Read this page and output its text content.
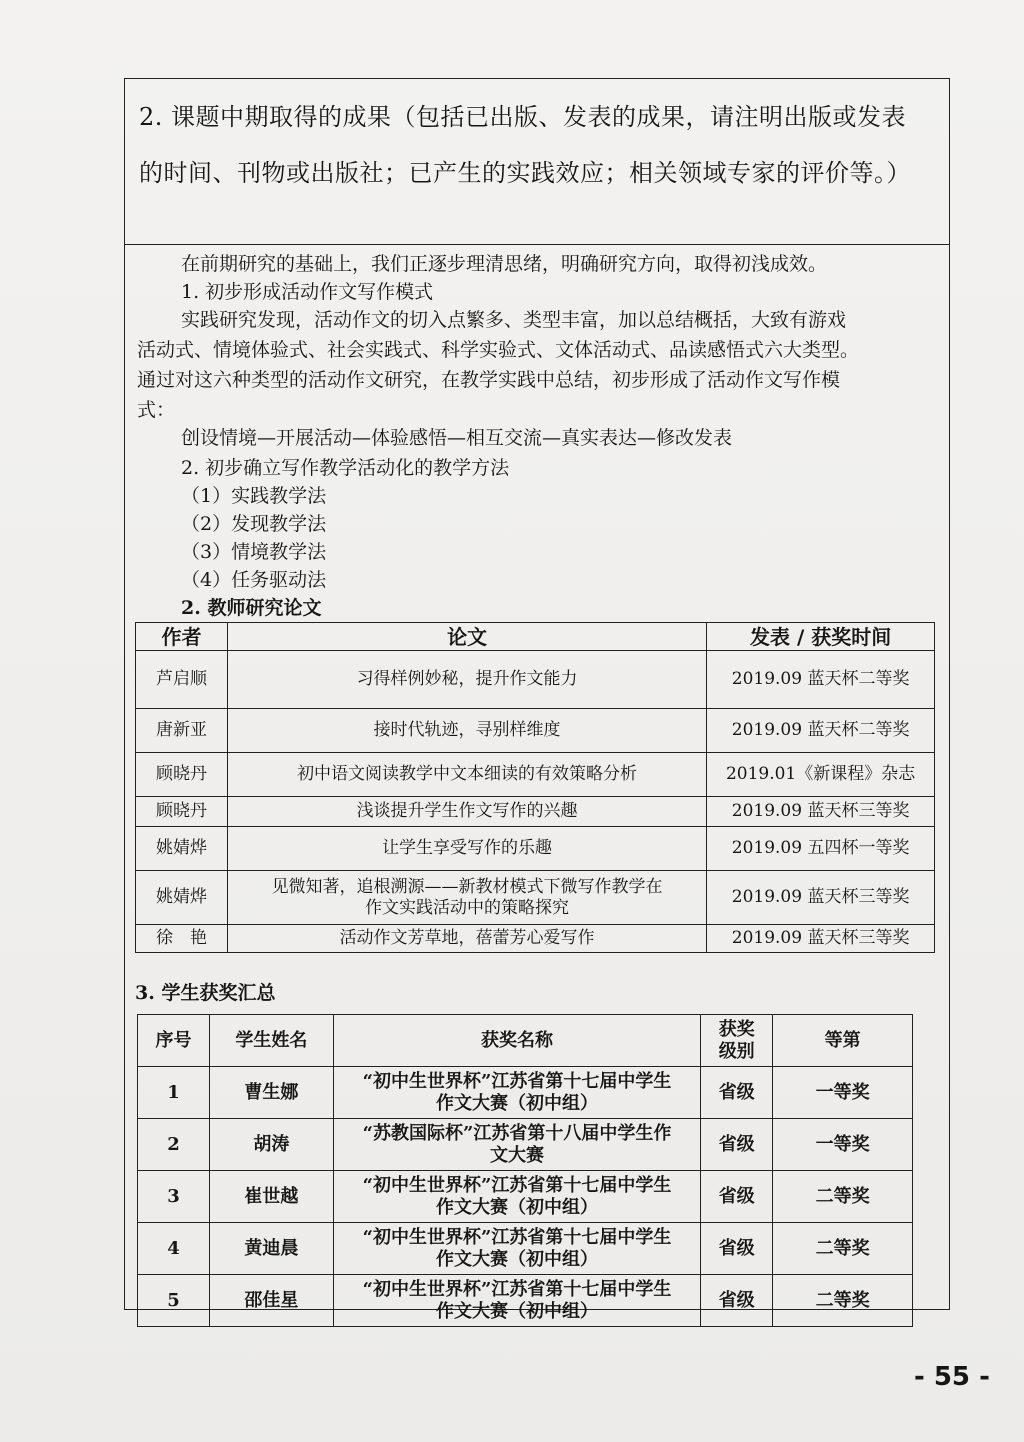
2. 课题中期取得的成果（包括已出版、发表的成果，请注明出版或发表
的时间、刊物或出版社；已产生的实践效应；相关领域专家的评价等。）
在前期研究的基础上，我们正逐步理清思绪，明确研究方向，取得初浅成效。
1. 初步形成活动作文写作模式
实践研究发现，活动作文的切入点繁多、类型丰富，加以总结概括，大致有游戏
活动式、情境体验式、社会实践式、科学实验式、文体活动式、品读感悟式六大类型。
通过对这六种类型的活动作文研究，在教学实践中总结，初步形成了活动作文写作模
式：
创设情境—开展活动—体验感悟—相互交流—真实表达—修改发表
2. 初步确立写作教学活动化的教学方法
（1）实践教学法
（2）发现教学法
（3）情境教学法
（4）任务驱动法
2. 教师研究论文
作者	论文	发表 / 获奖时间
芦启顺	习得样例妙秘，提升作文能力	2019.09 蓝天杯二等奖
唐新亚	接时代轨迹，寻别样维度	2019.09 蓝天杯二等奖
顾晓丹	初中语文阅读教学中文本细读的有效策略分析	2019.01《新课程》杂志
顾晓丹	浅谈提升学生作文写作的兴趣	2019.09 蓝天杯三等奖
姚婧烨	让学生享受写作的乐趣	2019.09 五四杯一等奖
姚婧烨	见微知著，追根溯源——新教材模式下微写作教学在
作文实践活动中的策略探究	2019.09 蓝天杯三等奖
徐　艳	活动作文芳草地，蓓蕾芳心爱写作	2019.09 蓝天杯三等奖
3. 学生获奖汇总
序号	学生姓名	获奖名称	获奖
级别	等第
1	曹生娜	“初中生世界杯”江苏省第十七届中学生
作文大赛（初中组）	省级	一等奖
2	胡涛	“苏教国际杯”江苏省第十八届中学生作
文大赛	省级	一等奖
3	崔世越	“初中生世界杯”江苏省第十七届中学生
作文大赛（初中组）	省级	二等奖
4	黄迪晨	“初中生世界杯”江苏省第十七届中学生
作文大赛（初中组）	省级	二等奖
5	邵佳星	“初中生世界杯”江苏省第十七届中学生
作文大赛（初中组）	省级	二等奖
- 55 -
